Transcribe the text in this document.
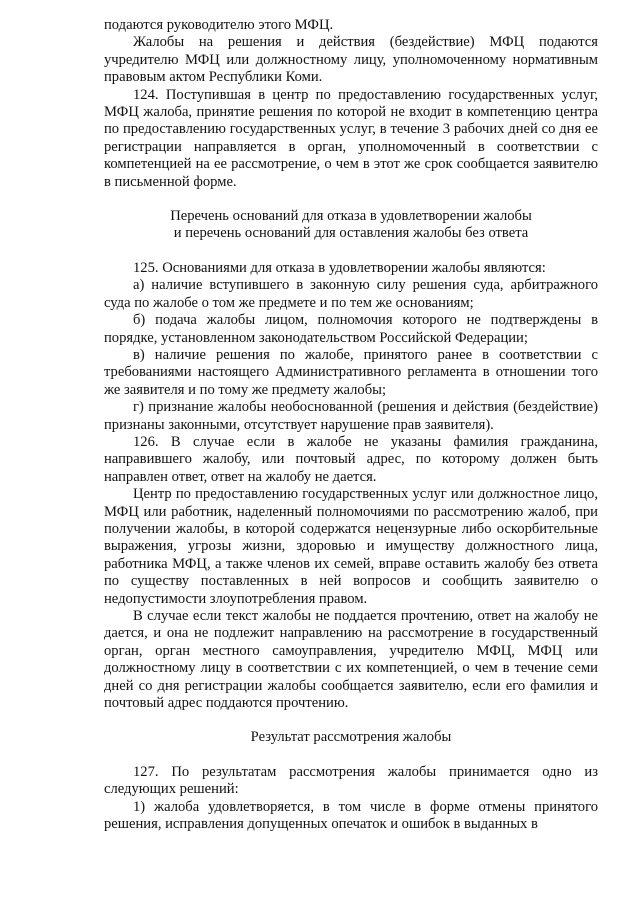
подаются руководителю этого МФЦ.

Жалобы на решения и действия (бездействие) МФЦ подаются учредителю МФЦ или должностному лицу, уполномоченному нормативным правовым актом Республики Коми.

124. Поступившая в центр по предоставлению государственных услуг, МФЦ жалоба, принятие решения по которой не входит в компетенцию центра по предоставлению государственных услуг, в течение 3 рабочих дней со дня ее регистрации направляется в орган, уполномоченный в соответствии с компетенцией на ее рассмотрение, о чем в этот же срок сообщается заявителю в письменной форме.

Перечень оснований для отказа в удовлетворении жалобы
и перечень оснований для оставления жалобы без ответа

125. Основаниями для отказа в удовлетворении жалобы являются:

а) наличие вступившего в законную силу решения суда, арбитражного суда по жалобе о том же предмете и по тем же основаниям;

б) подача жалобы лицом, полномочия которого не подтверждены в порядке, установленном законодательством Российской Федерации;

в) наличие решения по жалобе, принятого ранее в соответствии с требованиями настоящего Административного регламента в отношении того же заявителя и по тому же предмету жалобы;

г) признание жалобы необоснованной (решения и действия (бездействие) признаны законными, отсутствует нарушение прав заявителя).

126. В случае если в жалобе не указаны фамилия гражданина, направившего жалобу, или почтовый адрес, по которому должен быть направлен ответ, ответ на жалобу не дается.

Центр по предоставлению государственных услуг или должностное лицо, МФЦ или работник, наделенный полномочиями по рассмотрению жалоб, при получении жалобы, в которой содержатся нецензурные либо оскорбительные выражения, угрозы жизни, здоровью и имуществу должностного лица, работника МФЦ, а также членов их семей, вправе оставить жалобу без ответа по существу поставленных в ней вопросов и сообщить заявителю о недопустимости злоупотребления правом.

В случае если текст жалобы не поддается прочтению, ответ на жалобу не дается, и она не подлежит направлению на рассмотрение в государственный орган, орган местного самоуправления, учредителю МФЦ, МФЦ или должностному лицу в соответствии с их компетенцией, о чем в течение семи дней со дня регистрации жалобы сообщается заявителю, если его фамилия и почтовый адрес поддаются прочтению.

Результат рассмотрения жалобы

127. По результатам рассмотрения жалобы принимается одно из следующих решений:

1) жалоба удовлетворяется, в том числе в форме отмены принятого решения, исправления допущенных опечаток и ошибок в выданных в
